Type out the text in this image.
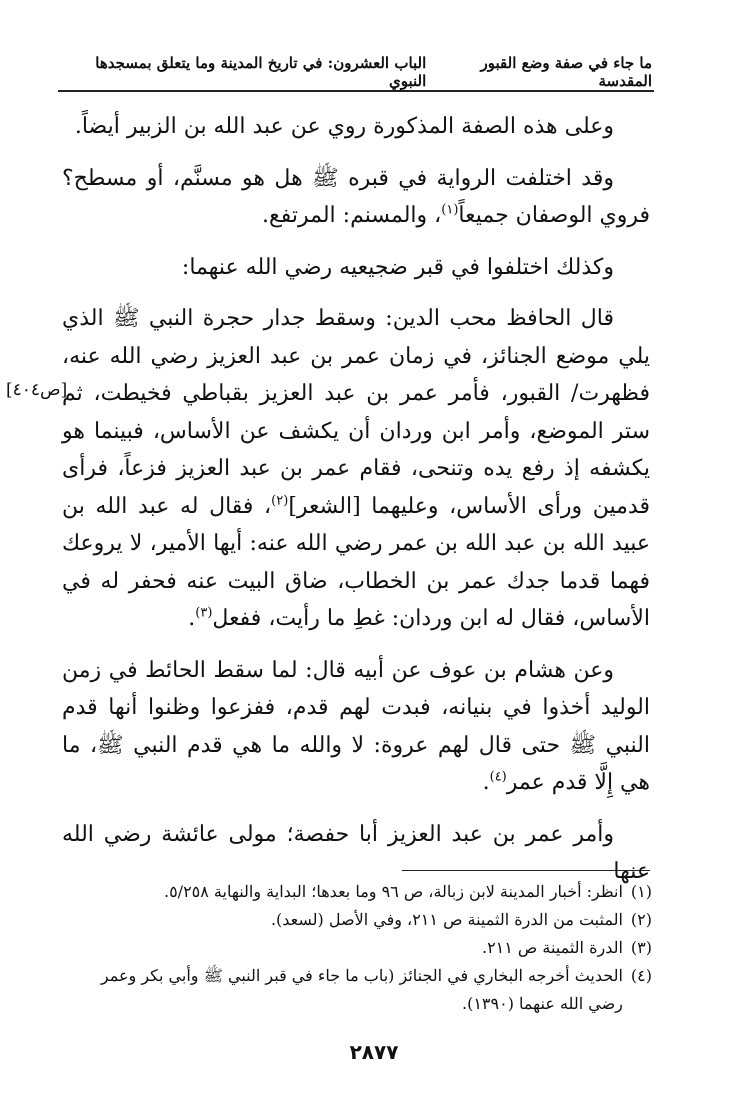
ما جاء في صفة وضع القبور المقدسة
الباب العشرون: في تاريخ المدينة وما يتعلق بمسجدها النبوي

وعلى هذه الصفة المذكورة روي عن عبد الله بن الزبير أيضاً.

وقد اختلفت الرواية في قبره ﷺ هل هو مسنَّم، أو مسطح؟ فروي الوصفان جميعاً$^{(١)}$، والمسنم: المرتفع.

وكذلك اختلفوا في قبر ضجيعيه رضي الله عنهما:

قال الحافظ محب الدين: وسقط جدار حجرة النبي ﷺ الذي يلي موضع الجنائز، في زمان عمر بن عبد العزيز رضي الله عنه، فظهرت/ القبور، فأمر عمر بن عبد العزيز بقباطي فخيطت، ثم ستر الموضع، وأمر ابن وردان أن يكشف عن الأساس، فبينما هو يكشفه إذ رفع يده وتنحى، فقام عمر بن عبد العزيز فزعاً، فرأى قدمين ورأى الأساس، وعليهما [الشعر]$^{(٢)}$، فقال له عبد الله بن عبيد الله بن عبد الله بن عمر رضي الله عنه: أيها الأمير، لا يروعك فهما قدما جدك عمر بن الخطاب، ضاق البيت عنه فحفر له في الأساس، فقال له ابن وردان: غطِ ما رأيت، ففعل$^{(٣)}$.

وعن هشام بن عوف عن أبيه قال: لما سقط الحائط في زمن الوليد أخذوا في بنيانه، فبدت لهم قدم، ففزعوا وظنوا أنها قدم النبي ﷺ حتى قال لهم عروة: لا والله ما هي قدم النبي ﷺ، ما هي إِلَّا قدم عمر$^{(٤)}$.

وأمر عمر بن عبد العزيز أبا حفصة؛ مولى عائشة رضي الله عنها

[ص٤٠٤]
(١)
انظر: أخبار المدينة لابن زبالة، ص ٩٦ وما بعدها؛ البداية والنهاية ٥/٢٥٨.
(٢)
المثبت من الدرة الثمينة ص ٢١١، وفي الأصل (لسعد).
(٣)
الدرة الثمينة ص ٢١١.
(٤)
الحديث أخرجه البخاري في الجنائز (باب ما جاء في قبر النبي ﷺ وأبي بكر وعمر رضي الله عنهما (١٣٩٠).
٢٨٧٧
